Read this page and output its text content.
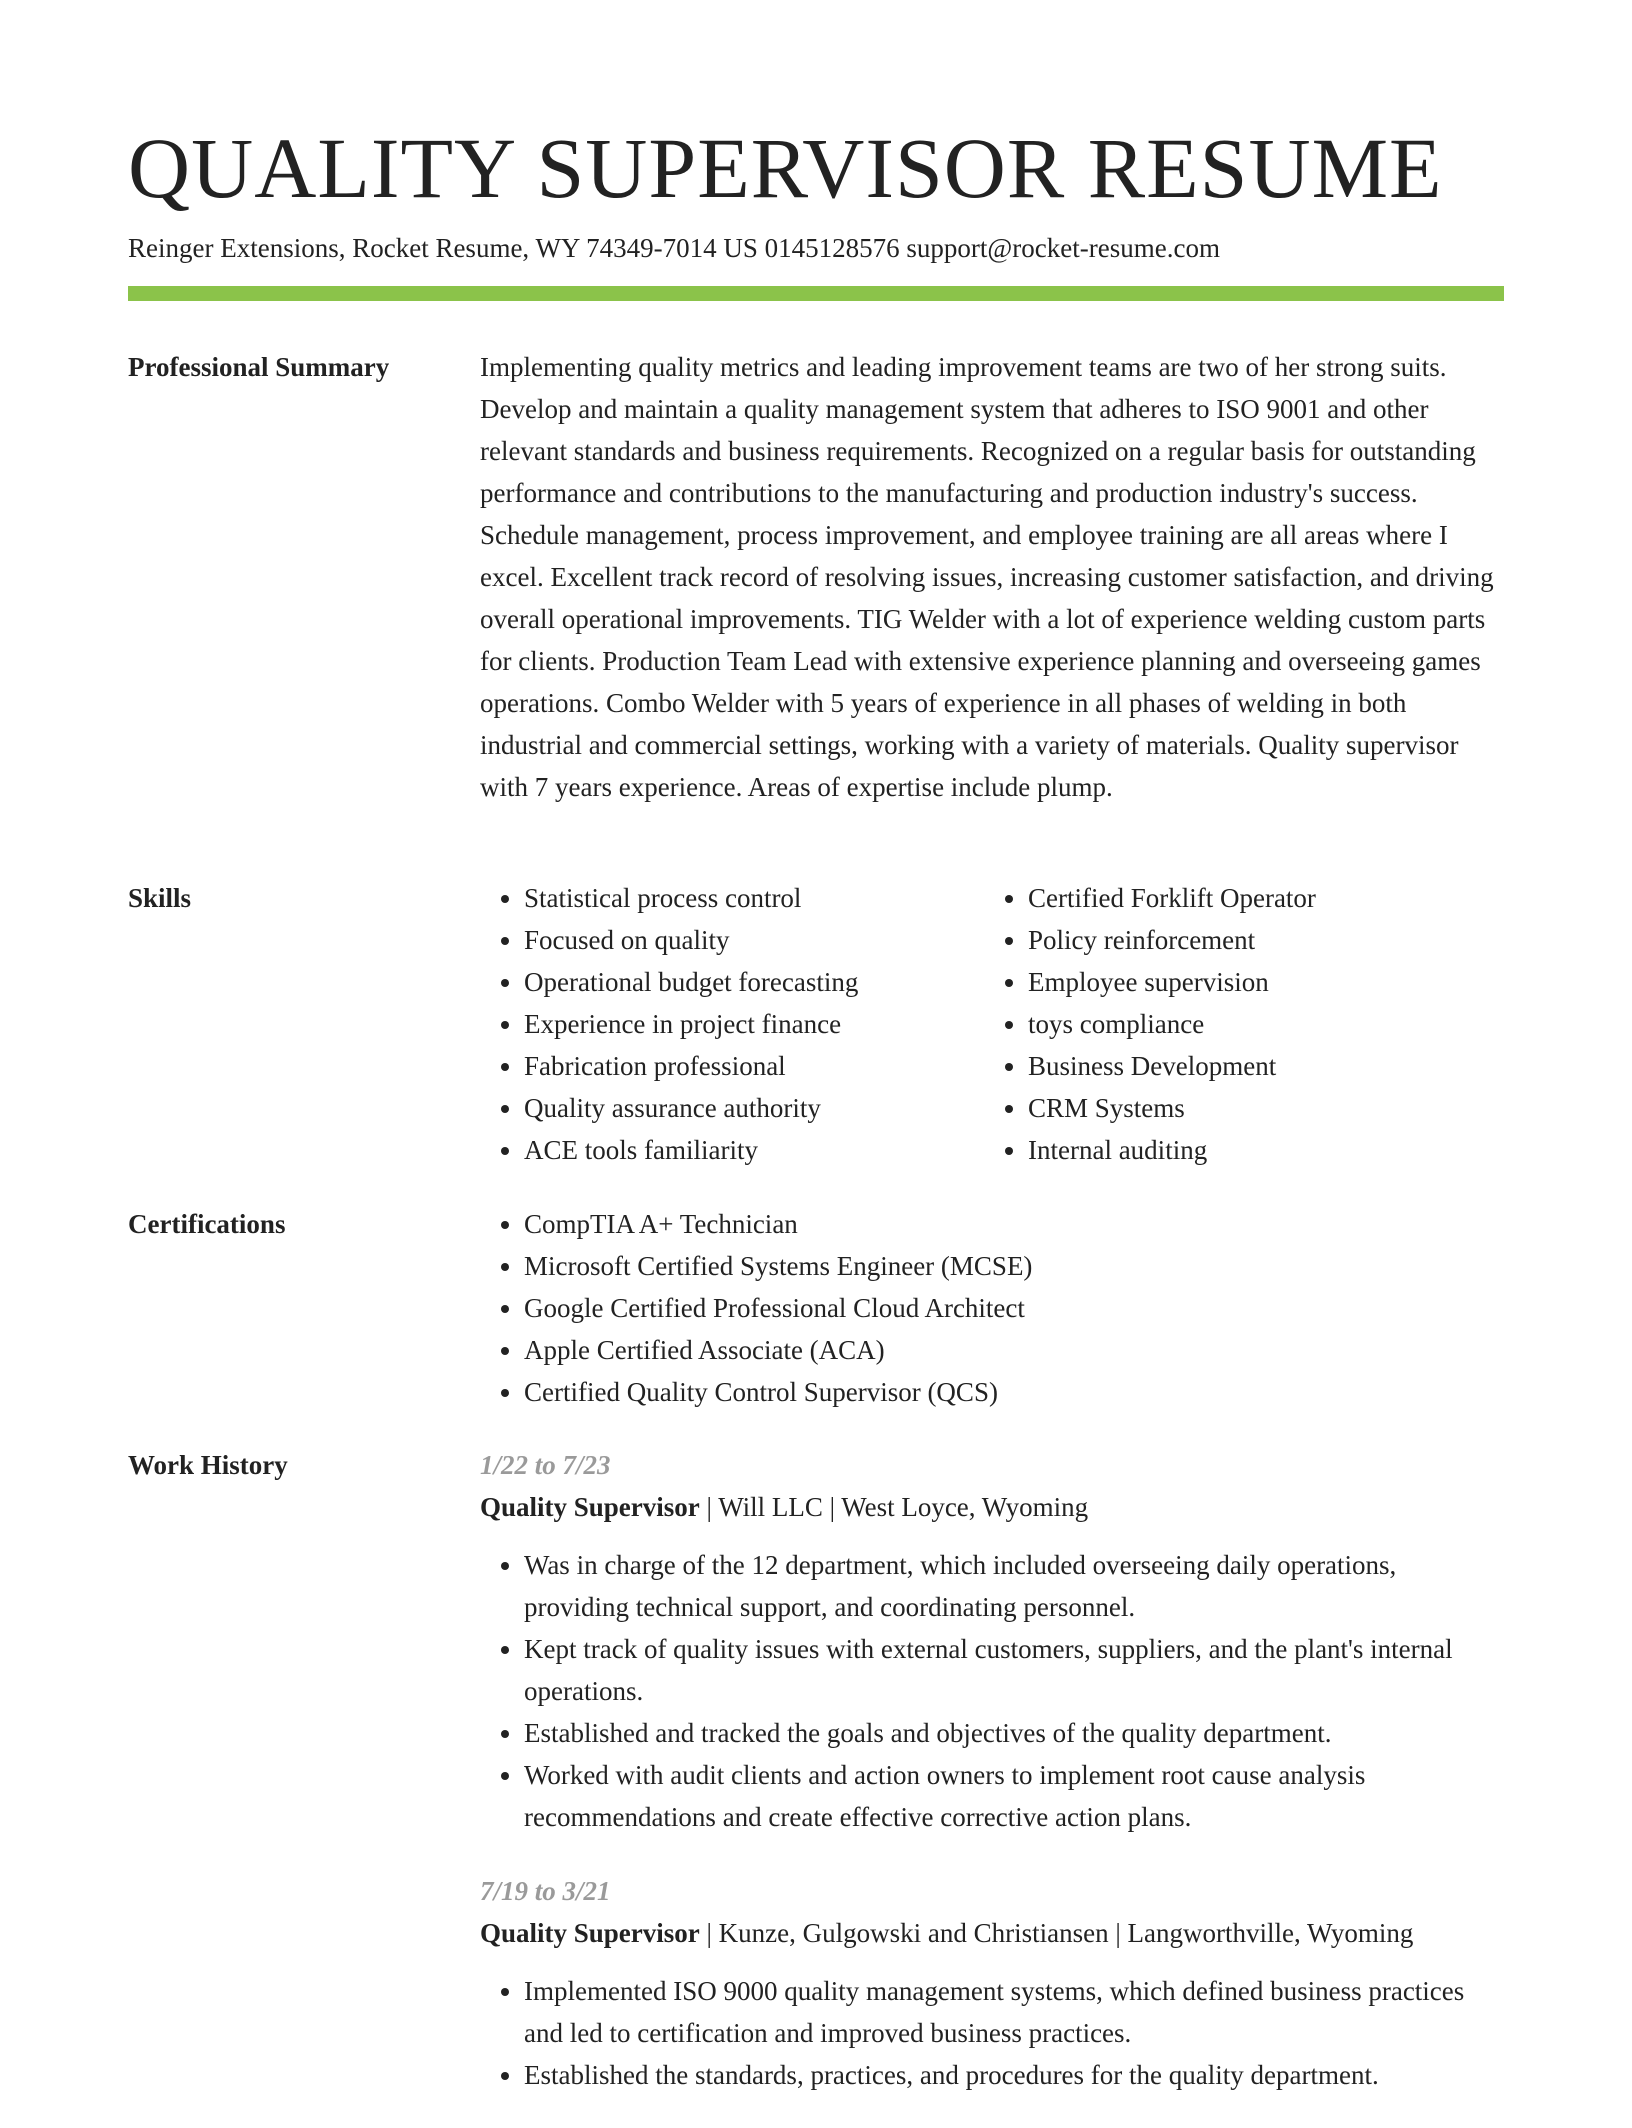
QUALITY SUPERVISOR RESUME
Reinger Extensions, Rocket Resume, WY 74349-7014 US 0145128576 support@rocket-resume.com
Professional Summary	Implementing quality metrics and leading improvement teams are two of her strong suits. Develop and maintain a quality management system that adheres to ISO 9001 and other relevant standards and business requirements. Recognized on a regular basis for outstanding performance and contributions to the manufacturing and production industry's success. Schedule management, process improvement, and employee training are all areas where I excel. Excellent track record of resolving issues, increasing customer satisfaction, and driving overall operational improvements. TIG Welder with a lot of experience welding custom parts for clients. Production Team Lead with extensive experience planning and overseeing games operations. Combo Welder with 5 years of experience in all phases of welding in both industrial and commercial settings, working with a variety of materials. Quality supervisor with 7 years experience. Areas of expertise include plump.

Skills	• Statistical process control
• Focused on quality
• Operational budget forecasting
• Experience in project finance
• Fabrication professional
• Quality assurance authority
• ACE tools familiarity
• Certified Forklift Operator
• Policy reinforcement
• Employee supervision
• toys compliance
• Business Development
• CRM Systems
• Internal auditing
Certifications	• CompTIA A+ Technician
• Microsoft Certified Systems Engineer (MCSE)
• Google Certified Professional Cloud Architect
• Apple Certified Associate (ACA)
• Certified Quality Control Supervisor (QCS)
Work History	1/22 to 7/23
Quality Supervisor | Will LLC | West Loyce, Wyoming
• Was in charge of the 12 department, which included overseeing daily operations, providing technical support, and coordinating personnel.
• Kept track of quality issues with external customers, suppliers, and the plant's internal operations.
• Established and tracked the goals and objectives of the quality department.
• Worked with audit clients and action owners to implement root cause analysis recommendations and create effective corrective action plans.
7/19 to 3/21
Quality Supervisor | Kunze, Gulgowski and Christiansen | Langworthville, Wyoming
• Implemented ISO 9000 quality management systems, which defined business practices and led to certification and improved business practices.
• Established the standards, practices, and procedures for the quality department.
